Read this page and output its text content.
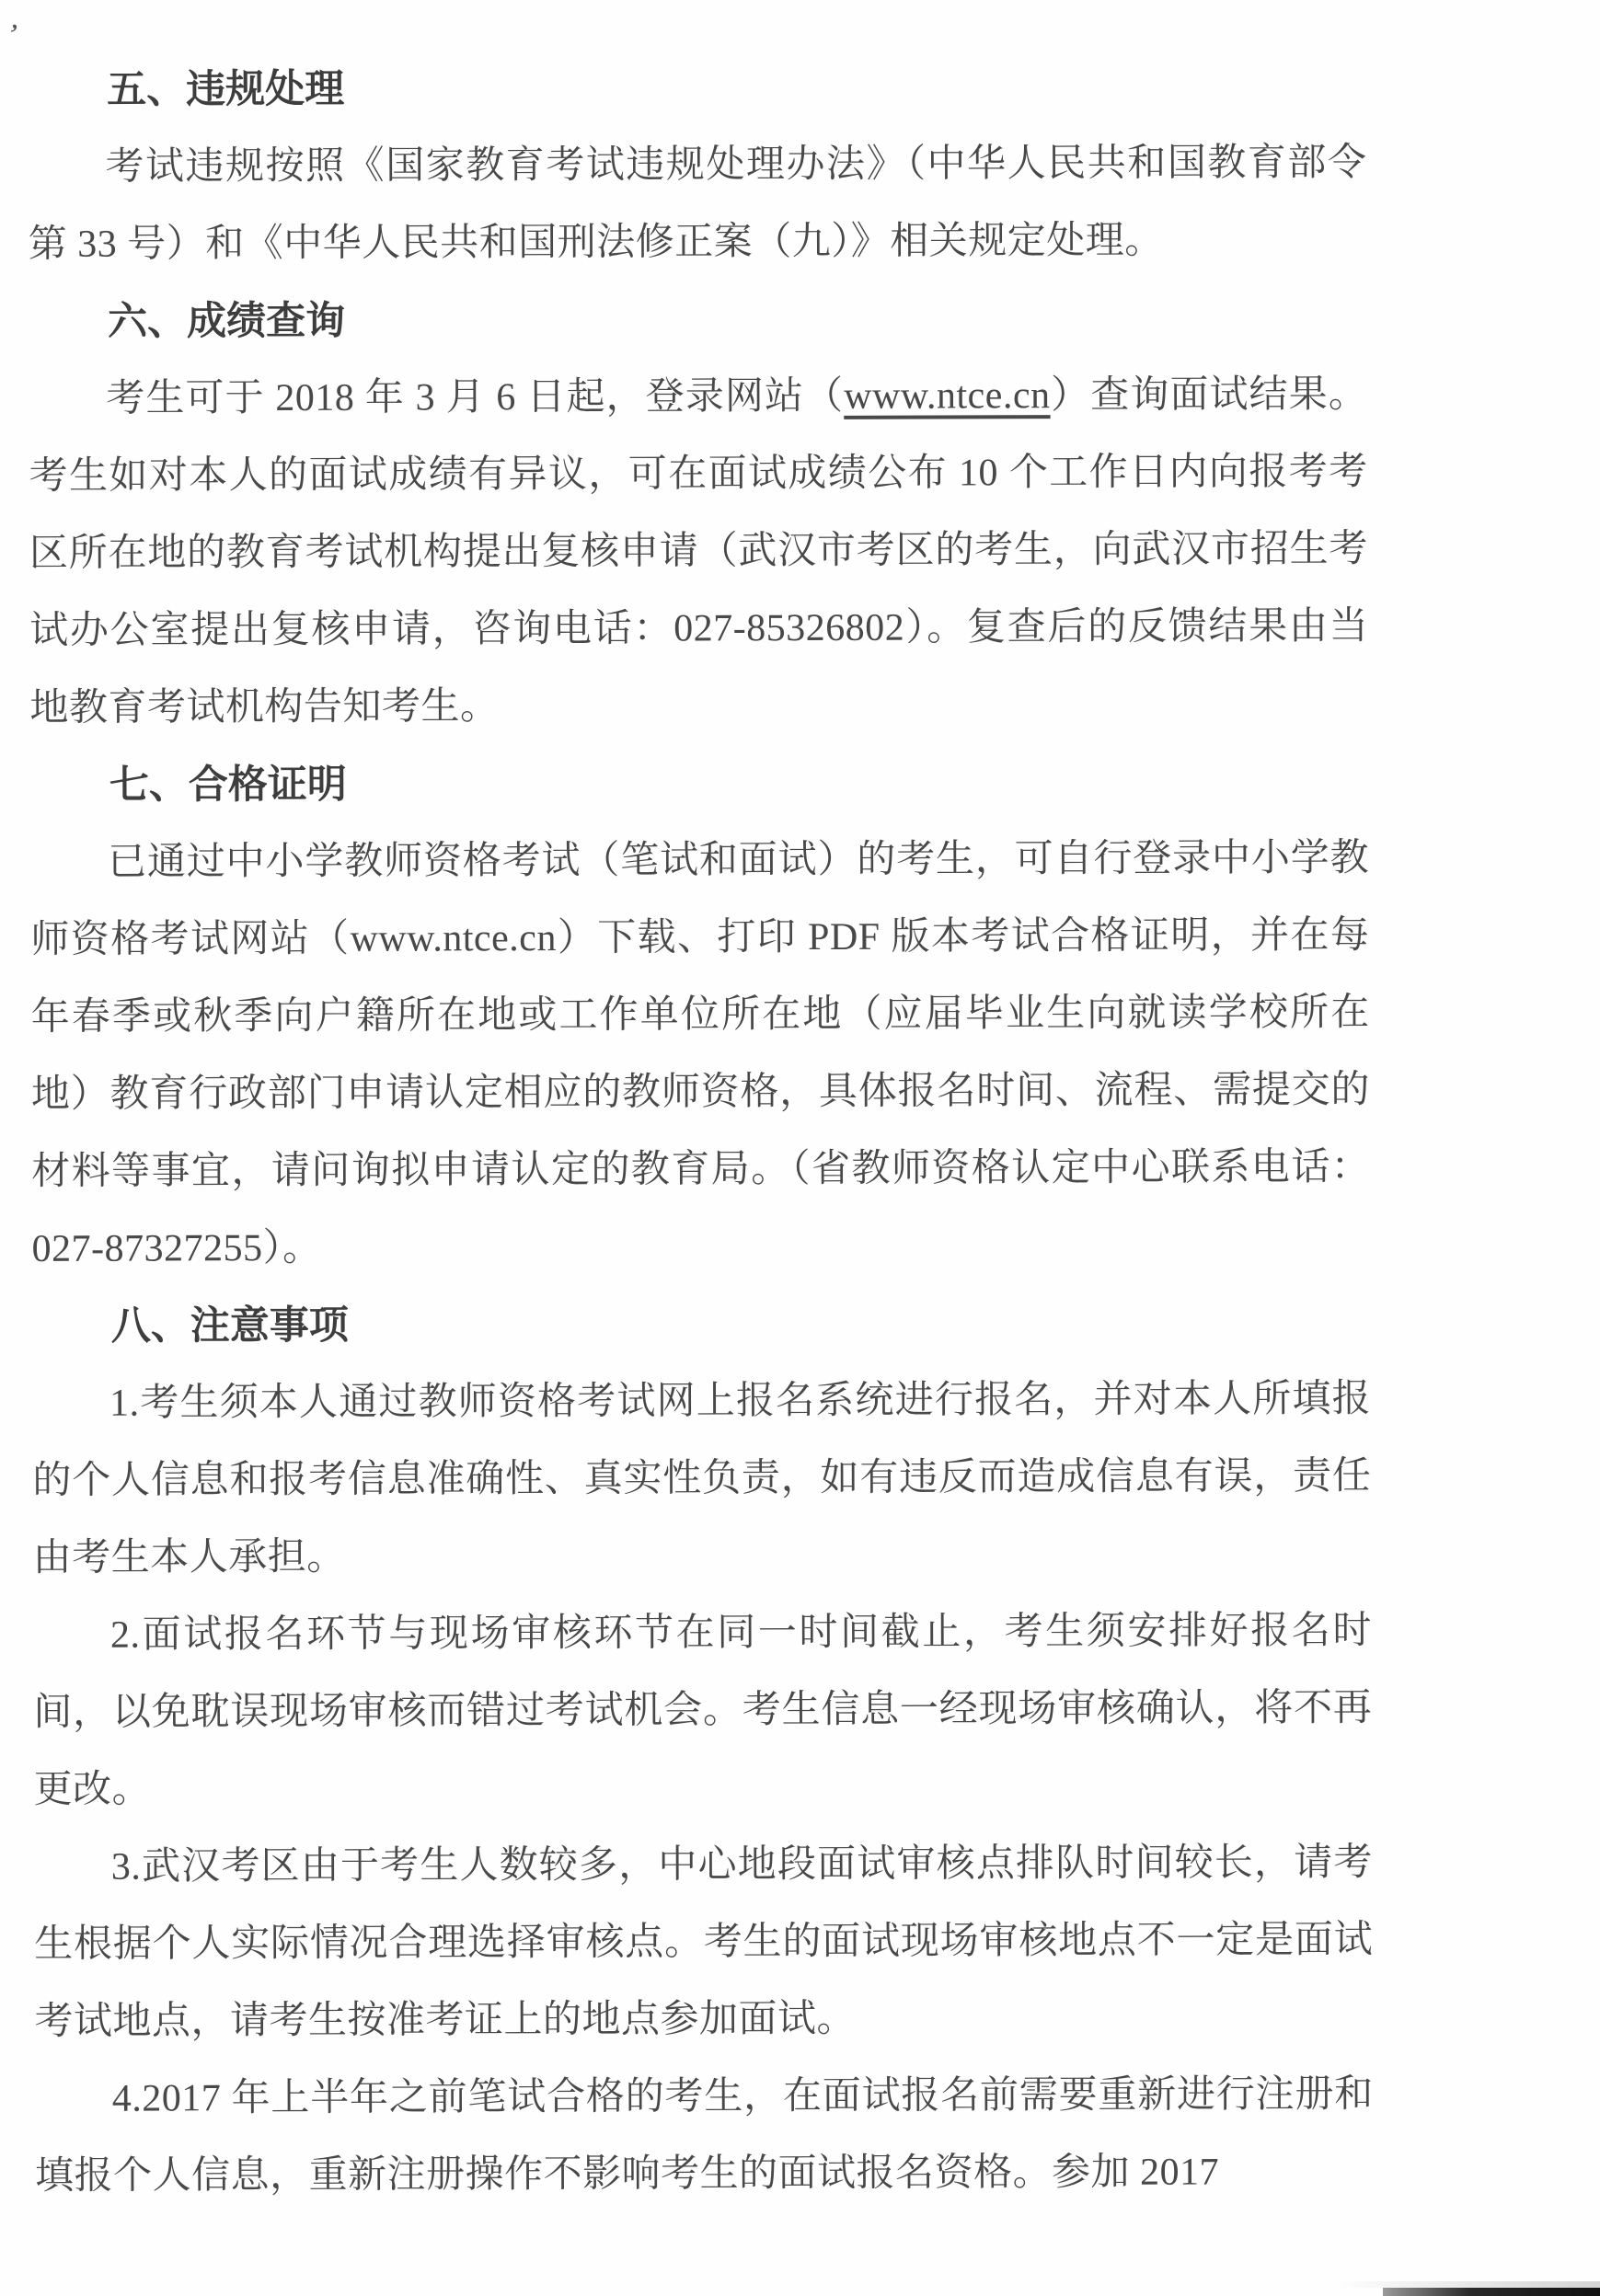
’
五、违规处理

考试违规按照《国家教育考试违规处理办法》（中华人民共和国教育部令第 33 号）和《中华人民共和国刑法修正案（九）》相关规定处理。

六、成绩查询

考生可于 2018 年 3 月 6 日起，登录网站（www.ntce.cn）查询面试结果。考生如对本人的面试成绩有异议，可在面试成绩公布 10 个工作日内向报考考区所在地的教育考试机构提出复核申请（武汉市考区的考生，向武汉市招生考试办公室提出复核申请，咨询电话：027-85326802）。复查后的反馈结果由当地教育考试机构告知考生。

七、合格证明

已通过中小学教师资格考试（笔试和面试）的考生，可自行登录中小学教师资格考试网站（www.ntce.cn）下载、打印 PDF 版本考试合格证明，并在每年春季或秋季向户籍所在地或工作单位所在地（应届毕业生向就读学校所在地）教育行政部门申请认定相应的教师资格，具体报名时间、流程、需提交的材料等事宜，请问询拟申请认定的教育局。（省教师资格认定中心联系电话：027-87327255）。

八、注意事项

1.考生须本人通过教师资格考试网上报名系统进行报名，并对本人所填报的个人信息和报考信息准确性、真实性负责，如有违反而造成信息有误，责任由考生本人承担。

2.面试报名环节与现场审核环节在同一时间截止，考生须安排好报名时间，以免耽误现场审核而错过考试机会。考生信息一经现场审核确认，将不再更改。

3.武汉考区由于考生人数较多，中心地段面试审核点排队时间较长，请考生根据个人实际情况合理选择审核点。考生的面试现场审核地点不一定是面试考试地点，请考生按准考证上的地点参加面试。

4.2017 年上半年之前笔试合格的考生，在面试报名前需要重新进行注册和填报个人信息，重新注册操作不影响考生的面试报名资格。参加 2017
